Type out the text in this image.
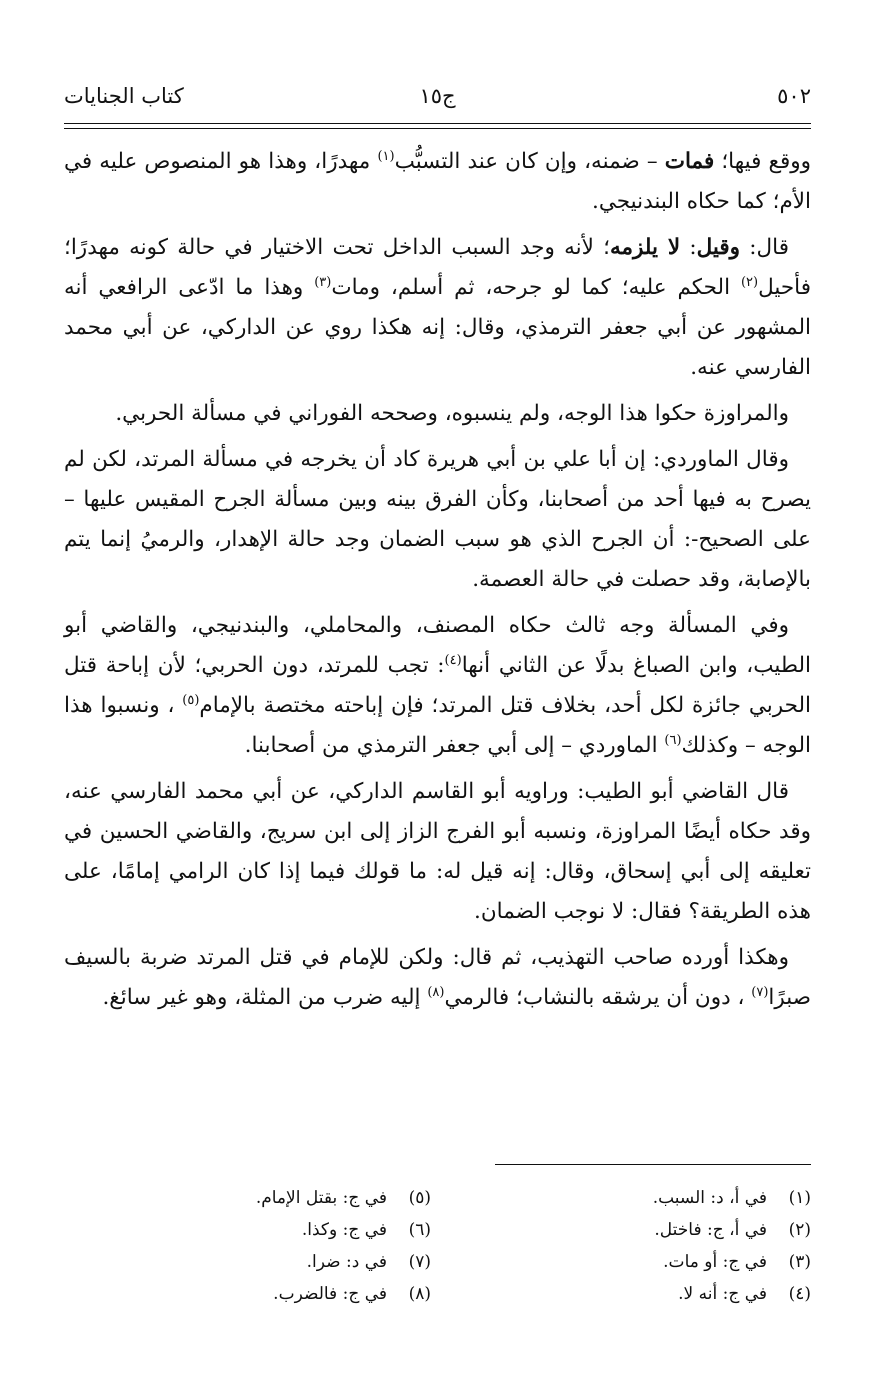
٥٠٢
ج١٥
كتاب الجنايات

ووقع فيها؛ فمات – ضمنه، وإن كان عند التسبُّب$^{(١)}$ مهدرًا، وهذا هو المنصوص عليه في الأم؛ كما حكاه البندنيجي.

قال: وقيل: لا يلزمه؛ لأنه وجد السبب الداخل تحت الاختيار في حالة كونه مهدرًا؛ فأحيل$^{(٢)}$ الحكم عليه؛ كما لو جرحه، ثم أسلم، ومات$^{(٣)}$ وهذا ما ادّعى الرافعي أنه المشهور عن أبي جعفر الترمذي، وقال: إنه هكذا روي عن الداركي، عن أبي محمد الفارسي عنه.

والمراوزة حكوا هذا الوجه، ولم ينسبوه، وصححه الفوراني في مسألة الحربي.

وقال الماوردي: إن أبا علي بن أبي هريرة كاد أن يخرجه في مسألة المرتد، لكن لم يصرح به فيها أحد من أصحابنا، وكأن الفرق بينه وبين مسألة الجرح المقيس عليها – على الصحيح-: أن الجرح الذي هو سبب الضمان وجد حالة الإهدار، والرميُ إنما يتم بالإصابة، وقد حصلت في حالة العصمة.

وفي المسألة وجه ثالث حكاه المصنف، والمحاملي، والبندنيجي، والقاضي أبو الطيب، وابن الصباغ بدلًا عن الثاني أنها$^{(٤)}$: تجب للمرتد، دون الحربي؛ لأن إباحة قتل الحربي جائزة لكل أحد، بخلاف قتل المرتد؛ فإن إباحته مختصة بالإمام$^{(٥)}$ ، ونسبوا هذا الوجه – وكذلك$^{(٦)}$ الماوردي – إلى أبي جعفر الترمذي من أصحابنا.

قال القاضي أبو الطيب: وراويه أبو القاسم الداركي، عن أبي محمد الفارسي عنه، وقد حكاه أيضًا المراوزة، ونسبه أبو الفرج الزاز إلى ابن سريج، والقاضي الحسين في تعليقه إلى أبي إسحاق، وقال: إنه قيل له: ما قولك فيما إذا كان الرامي إمامًا، على هذه الطريقة؟ فقال: لا نوجب الضمان.

وهكذا أورده صاحب التهذيب، ثم قال: ولكن للإمام في قتل المرتد ضربة بالسيف صبرًا$^{(٧)}$ ، دون أن يرشقه بالنشاب؛ فالرمي$^{(٨)}$ إليه ضرب من المثلة، وهو غير سائغ.

(١)في أ، د: السبب.
(٢)في أ، ج: فاختل.
(٣)في ج: أو مات.
(٤)في ج: أنه لا.
(٥)في ج: بقتل الإمام.
(٦)في ج: وكذا.
(٧)في د: ضرا.
(٨)في ج: فالضرب.
